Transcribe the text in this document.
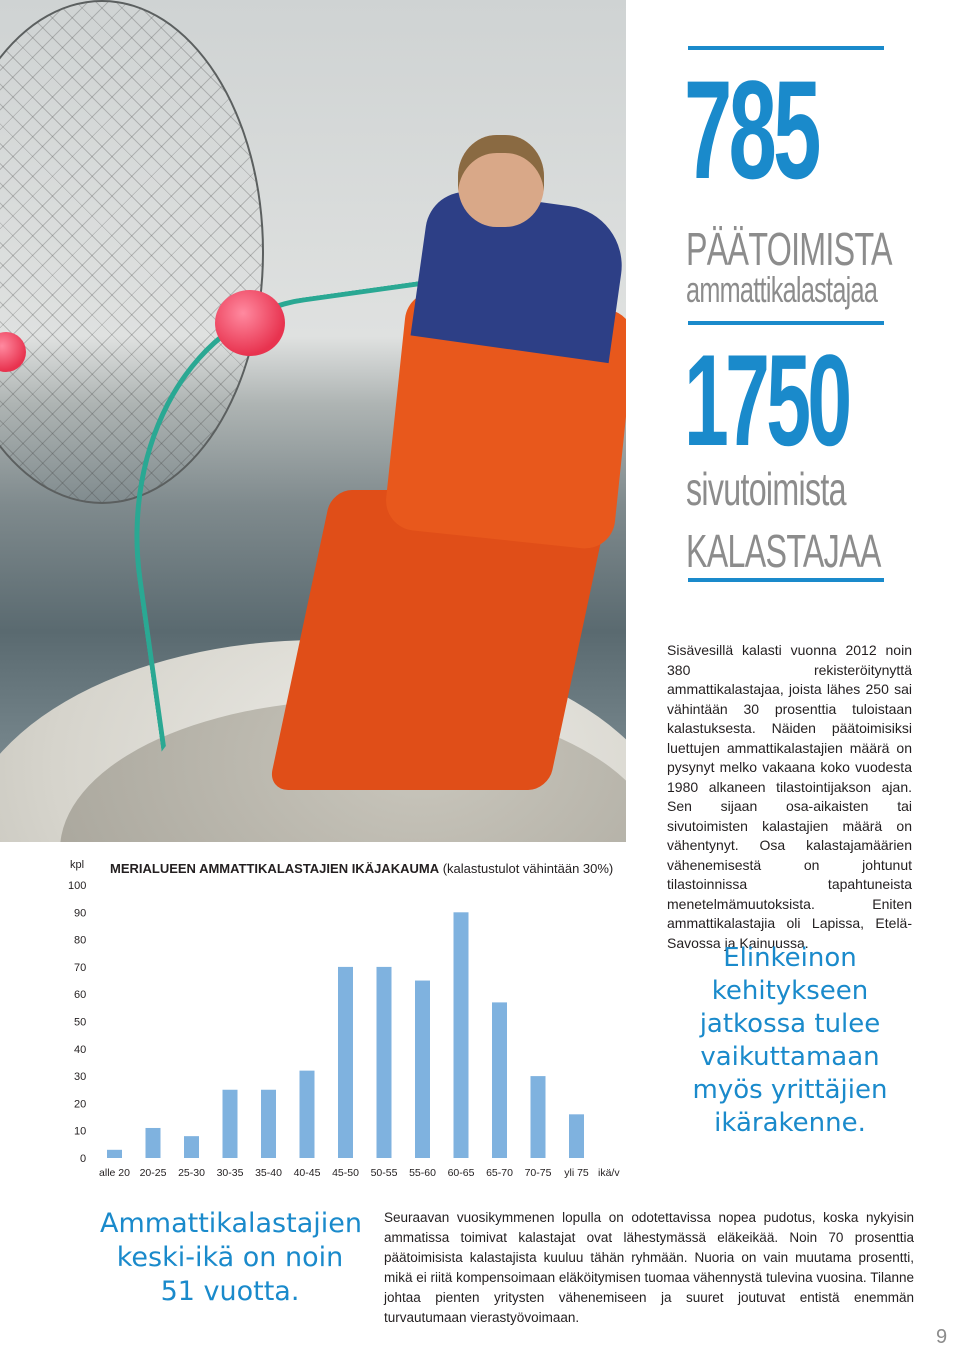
785
PÄÄTOIMISTA
ammattikalastajaa
1750
sivutoimista
KALASTAJAA
Sisävesillä kalasti vuonna 2012 noin 380 rekisteröitynyttä ammattikalastajaa, joista lähes 250 sai vähintään 30 prosenttia tuloistaan kalastuksesta. Näiden päätoimisiksi luettujen ammattikalastajien määrä on pysynyt melko vakaana koko vuodesta 1980 alkaneen tilastointijakson ajan. Sen sijaan osa-aikaisten tai sivutoimisten kalastajien määrä on vähentynyt. Osa kalastajamäärien vähenemisestä on johtunut tilastoinnissa tapahtuneista menetelmämuutoksista. Eniten ammattikalastajia oli Lapissa, Etelä-Savossa ja Kainuussa.
Elinkeinon kehitykseen jatkossa tulee vaikuttamaan myös yrittäjien ikärakenne.
MERIALUEEN AMMATTIKALASTAJIEN IKÄJAKAUMA (kalastustulot vähintään 30%)
kpl
0
10
20
30
40
50
60
70
80
90
100
alle 20 20-25 25-30 30-35 35-40 40-45 45-50 50-55 55-60 60-65 65-70 70-75 yli 75 ikä/v
Ammattikalastajien keski-ikä on noin 51 vuotta.
Seuraavan vuosikymmenen lopulla on odotettavissa nopea pudotus, koska nykyisin ammatissa toimivat kalastajat ovat lähestymässä eläkeikää. Noin 70 prosenttia päätoimisista kalastajista kuuluu tähän ryhmään. Nuoria on vain muutama prosentti, mikä ei riitä kompensoimaan eläköitymisen tuomaa vähennystä tulevina vuosina. Tilanne johtaa pienten yritysten vähenemiseen ja suuret joutuvat entistä enemmän turvautumaan vierastyövoimaan.
9
